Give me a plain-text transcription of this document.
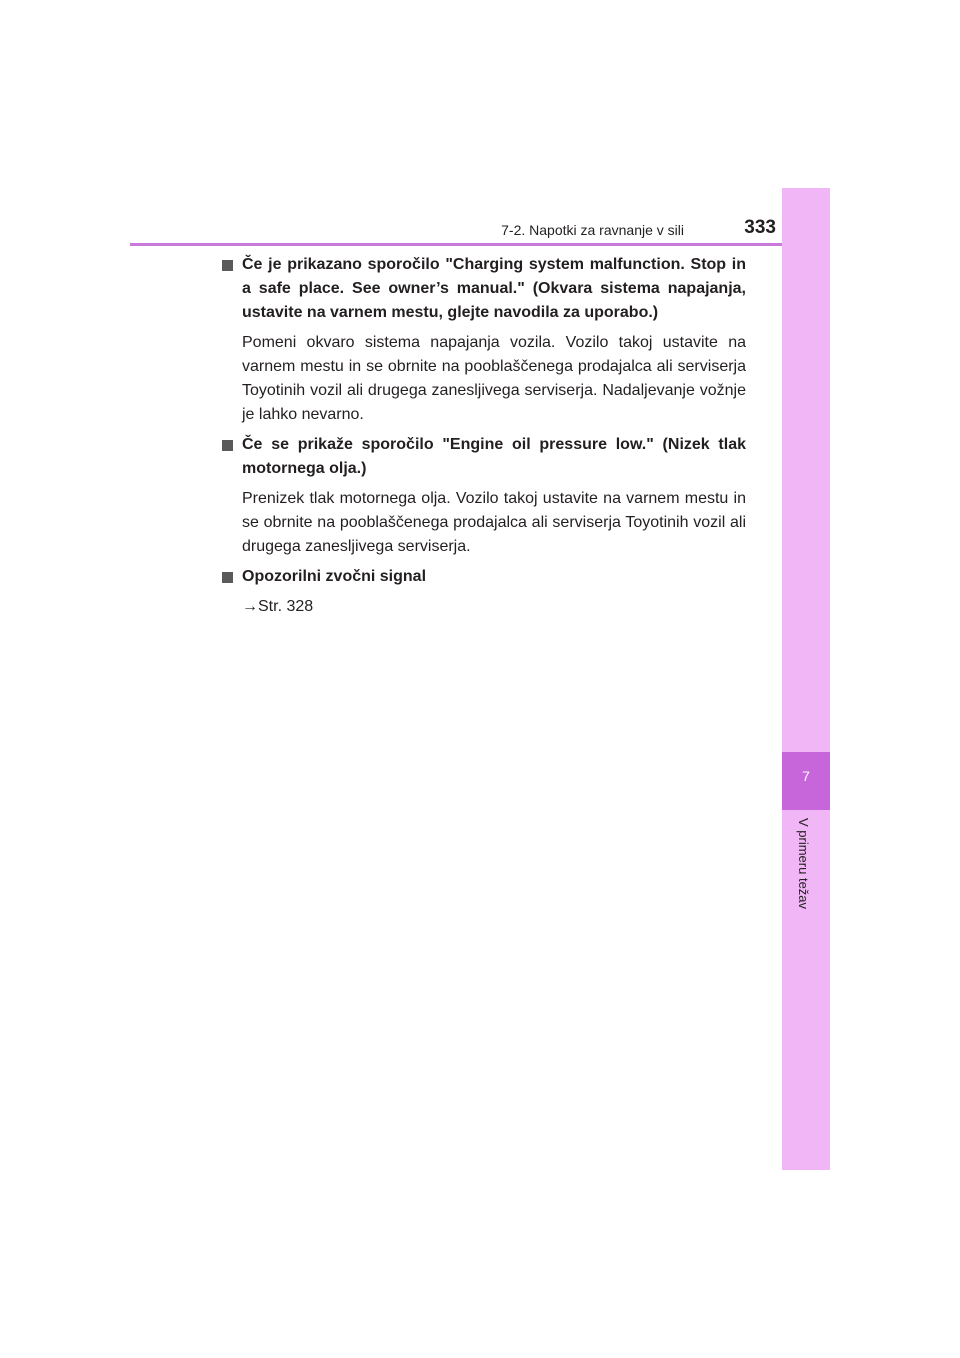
7-2. Napotki za ravnanje v sili	333
7
V primeru težav
Če je prikazano sporočilo "Charging system malfunction. Stop in a safe place. See owner’s manual." (Okvara sistema napajanja, ustavite na varnem mestu, glejte navodila za uporabo.)
Pomeni okvaro sistema napajanja vozila. Vozilo takoj ustavite na varnem mestu in se obrnite na pooblaščenega prodajalca ali serviserja Toyotinih vozil ali drugega zanesljivega serviserja. Nadaljevanje vožnje je lahko nevarno.
Če se prikaže sporočilo "Engine oil pressure low." (Nizek tlak motornega olja.)
Prenizek tlak motornega olja. Vozilo takoj ustavite na varnem mestu in se obrnite na pooblaščenega prodajalca ali serviserja Toyotinih vozil ali drugega zanesljivega serviserja.
Opozorilni zvočni signal
→Str. 328
